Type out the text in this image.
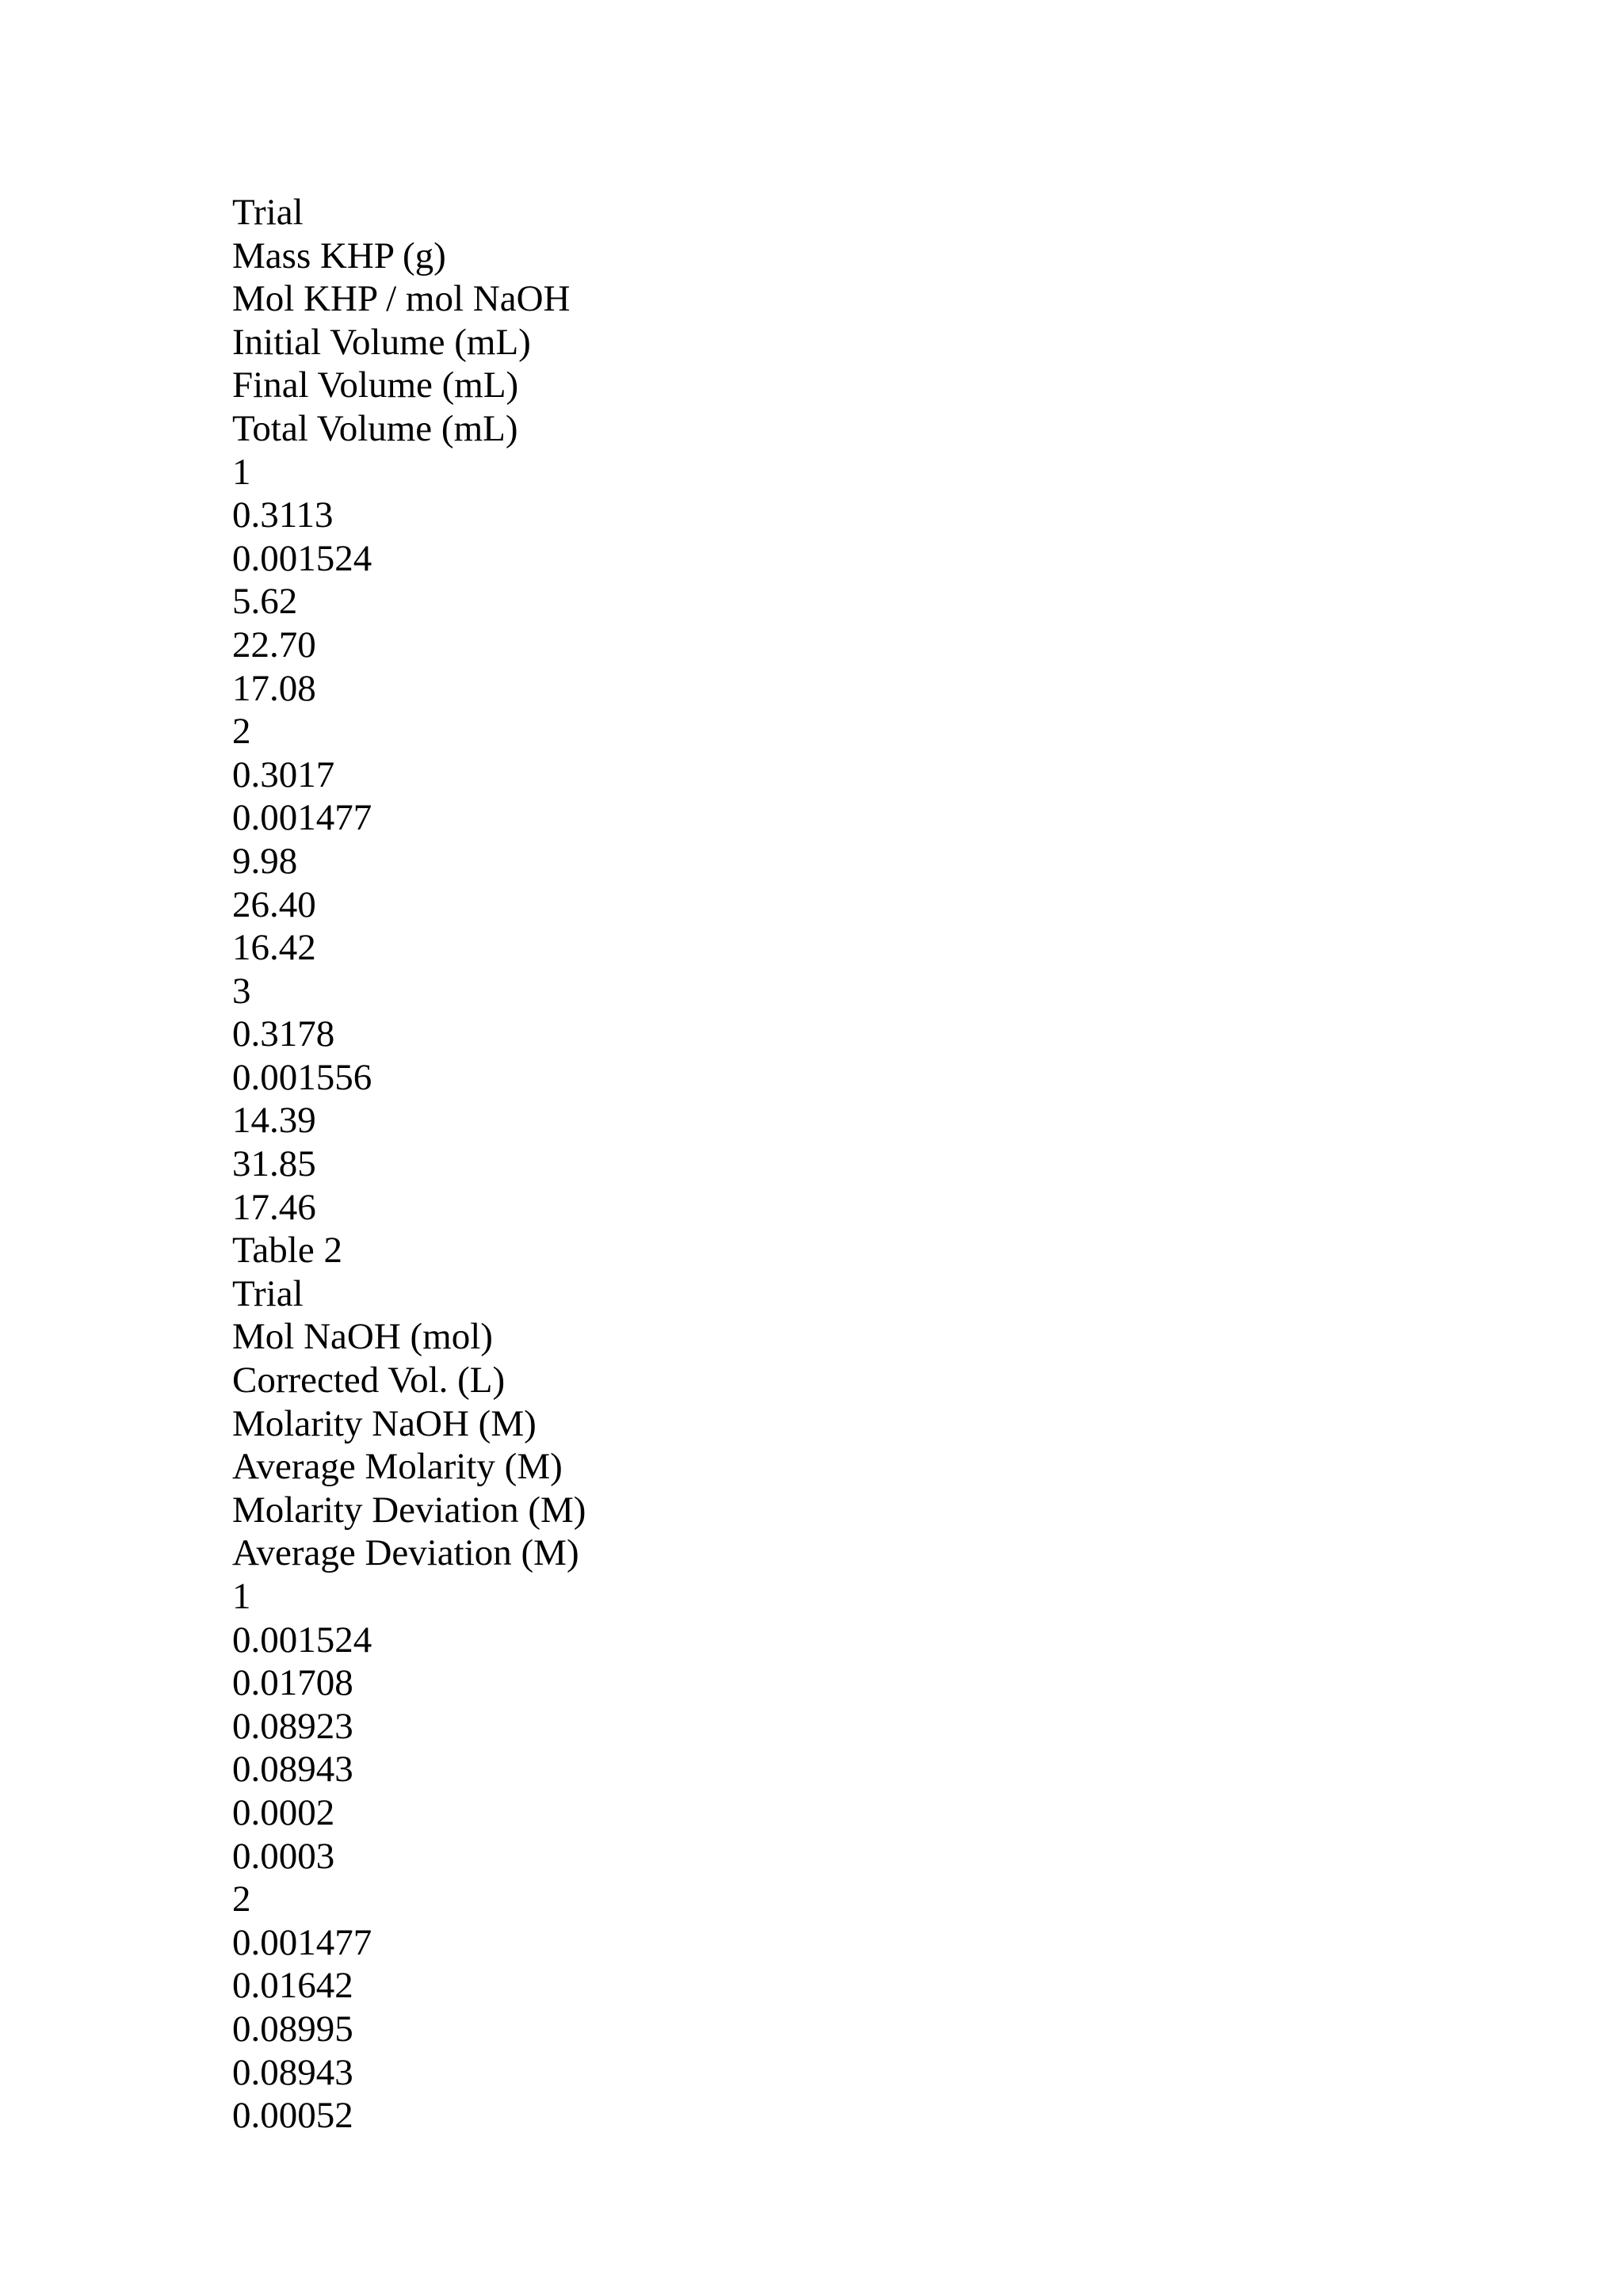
Trial
Mass KHP (g)
Mol KHP / mol NaOH
Initial Volume (mL)
Final Volume (mL)
Total Volume (mL)
1
0.3113
0.001524
5.62
22.70
17.08
2
0.3017
0.001477
9.98
26.40
16.42
3
0.3178
0.001556
14.39
31.85
17.46
Table 2
Trial
Mol NaOH (mol)
Corrected Vol. (L)
Molarity NaOH (M)
Average Molarity (M)
Molarity Deviation (M)
Average Deviation (M)
1
0.001524
0.01708
0.08923
0.08943
0.0002
0.0003
2
0.001477
0.01642
0.08995
0.08943
0.00052
